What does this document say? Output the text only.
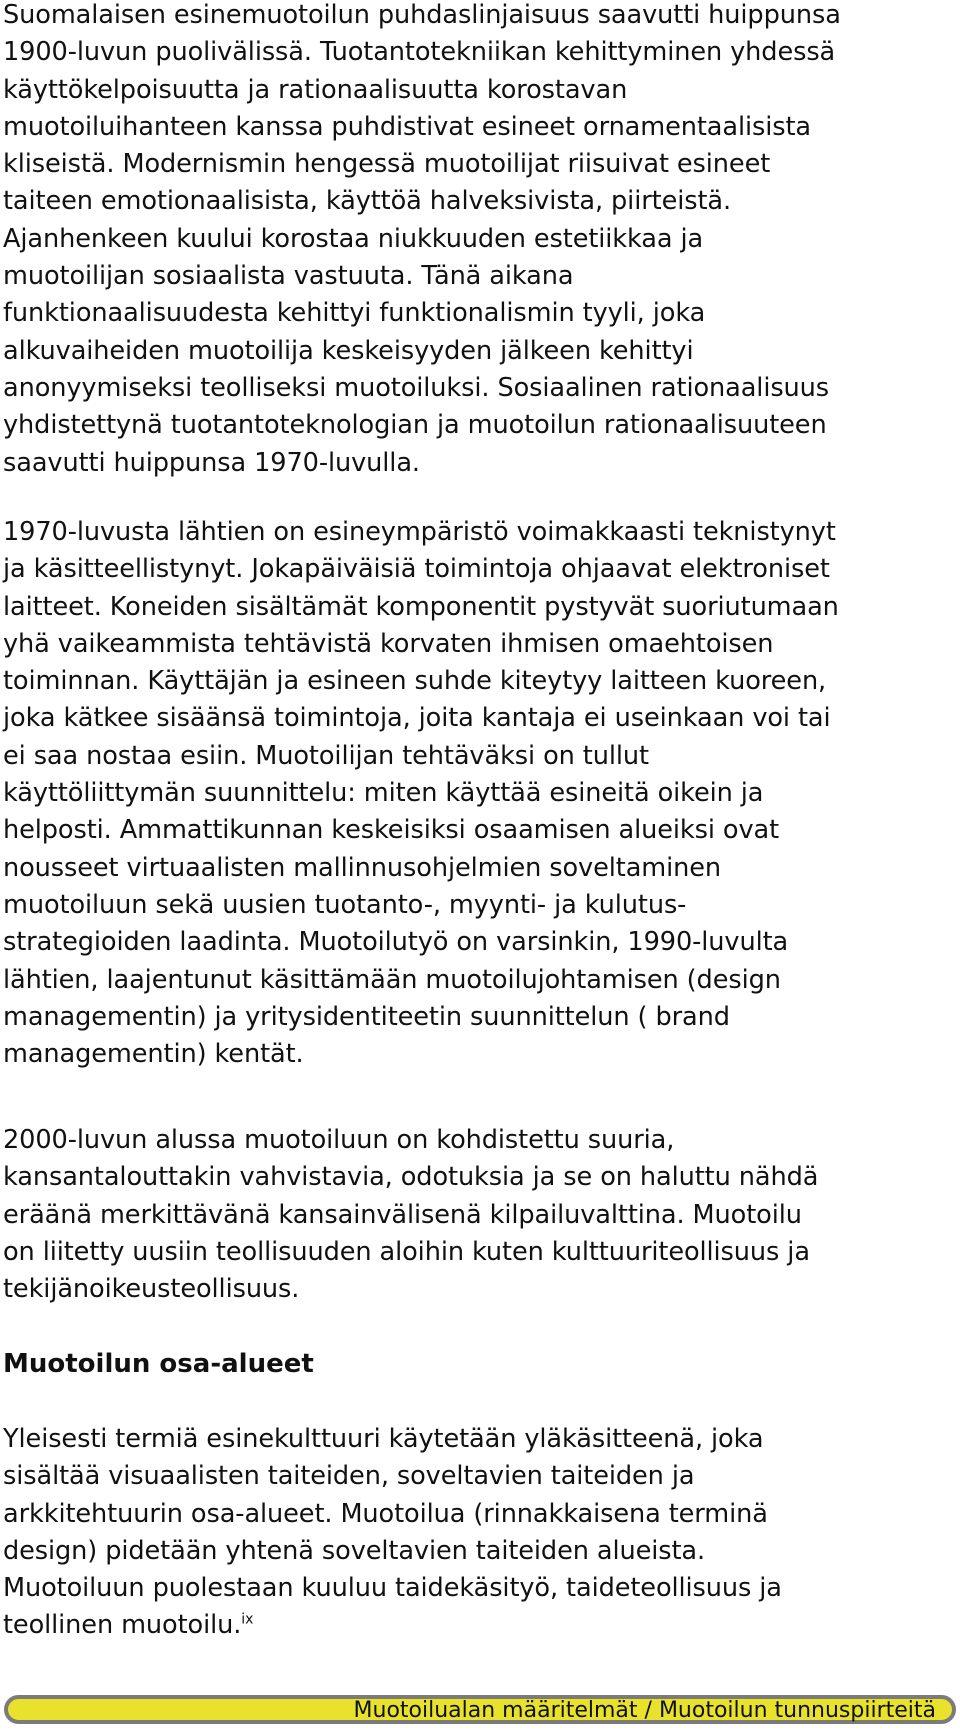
Suomalaisen esinemuotoilun puhdaslinjaisuus saavutti huippunsa
1900-luvun puolivälissä. Tuotantotekniikan kehittyminen yhdessä
käyttökelpoisuutta ja rationaalisuutta korostavan
muotoiluihanteen kanssa puhdistivat esineet ornamentaalisista
kliseistä. Modernismin hengessä muotoilijat riisuivat esineet
taiteen emotionaalisista, käyttöä halveksivista, piirteistä.
Ajanhenkeen kuului korostaa niukkuuden estetiikkaa ja
muotoilijan sosiaalista vastuuta. Tänä aikana
funktionaalisuudesta kehittyi funktionalismin tyyli, joka
alkuvaiheiden muotoilija keskeisyyden jälkeen kehittyi
anonyymiseksi teolliseksi muotoiluksi. Sosiaalinen rationaalisuus
yhdistettynä tuotantoteknologian ja muotoilun rationaalisuuteen
saavutti huippunsa 1970-luvulla.

1970-luvusta lähtien on esineympäristö voimakkaasti teknistynyt
ja käsitteellistynyt. Jokapäiväisiä toimintoja ohjaavat elektroniset
laitteet. Koneiden sisältämät komponentit pystyvät suoriutumaan
yhä vaikeammista tehtävistä korvaten ihmisen omaehtoisen
toiminnan. Käyttäjän ja esineen suhde kiteytyy laitteen kuoreen,
joka kätkee sisäänsä toimintoja, joita kantaja ei useinkaan voi tai
ei saa nostaa esiin. Muotoilijan tehtäväksi on tullut
käyttöliittymän suunnittelu: miten käyttää esineitä oikein ja
helposti. Ammattikunnan keskeisiksi osaamisen alueiksi ovat
nousseet virtuaalisten mallinnusohjelmien soveltaminen
muotoiluun sekä uusien tuotanto-, myynti- ja kulutus-
strategioiden laadinta. Muotoilutyö on varsinkin, 1990-luvulta
lähtien, laajentunut käsittämään muotoilujohtamisen (design
managementin) ja yritysidentiteetin suunnittelun ( brand
managementin) kentät.

2000-luvun alussa muotoiluun on kohdistettu suuria,
kansantalouttakin vahvistavia, odotuksia ja se on haluttu nähdä
eräänä merkittävänä kansainvälisenä kilpailuvalttina. Muotoilu
on liitetty uusiin teollisuuden aloihin kuten kulttuuriteollisuus ja
tekijänoikeusteollisuus.

Muotoilun osa-alueet

Yleisesti termiä esinekulttuuri käytetään yläkäsitteenä, joka
sisältää visuaalisten taiteiden, soveltavien taiteiden ja
arkkitehtuurin osa-alueet. Muotoilua (rinnakkaisena terminä
design) pidetään yhtenä soveltavien taiteiden alueista.
Muotoiluun puolestaan kuuluu taidekäsityö, taideteollisuus ja
teollinen muotoilu.$^{ix}$

Muotoilualan määritelmät / Muotoilun tunnuspiirteitä
